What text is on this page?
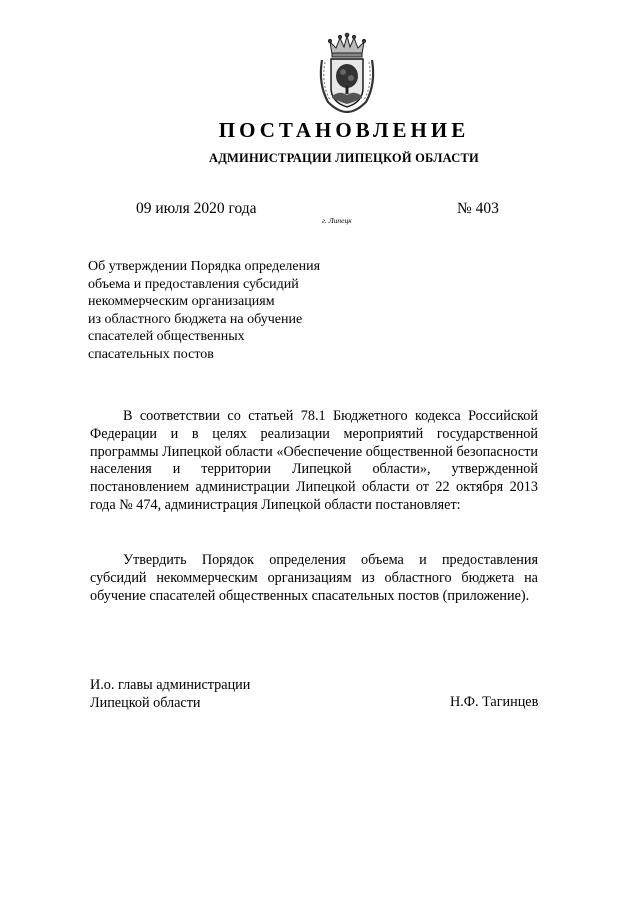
ПОСТАНОВЛЕНИЕ
АДМИНИСТРАЦИИ ЛИПЕЦКОЙ ОБЛАСТИ
09 июля 2020 года
г. Липецк
№ 403
Об утверждении Порядка определения
объема и предоставления субсидий
некоммерческим организациям
из областного бюджета на обучение
спасателей общественных
спасательных постов
В соответствии со статьей 78.1 Бюджетного кодекса Российской Федерации и в целях реализации мероприятий государственной программы Липецкой области «Обеспечение общественной безопасности населения и территории Липецкой области», утвержденной постановлением администрации Липецкой области от 22 октября 2013 года № 474, администрация Липецкой области постановляет:
Утвердить Порядок определения объема и предоставления субсидий некоммерческим организациям из областного бюджета на обучение спасателей общественных спасательных постов (приложение).
И.о. главы администрации
Липецкой области	Н.Ф. Тагинцев
